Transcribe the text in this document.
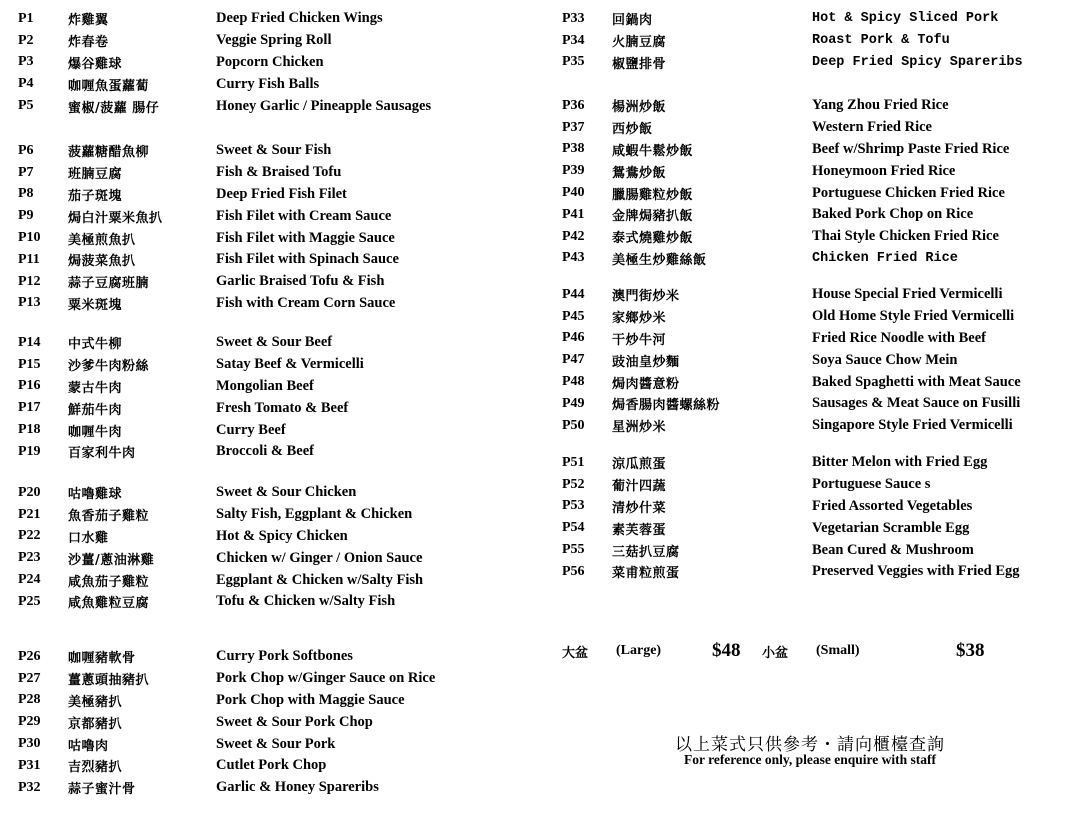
P1	炸雞翼	Deep Fried Chicken Wings
P2	炸春卷	Veggie Spring Roll
P3	爆谷雞球	Popcorn Chicken
P4	咖喱魚蛋蘿蔔	Curry Fish Balls
P5	蜜椒/菠蘿 腸仔	Honey Garlic / Pineapple Sausages
P6	菠蘿糖醋魚柳	Sweet & Sour Fish
P7	班腩豆腐	Fish & Braised Tofu
P8	茄子斑塊	Deep Fried Fish Filet
P9	焗白汁粟米魚扒	Fish Filet with Cream Sauce
P10	美極煎魚扒	Fish Filet with Maggie Sauce
P11	焗菠菜魚扒	Fish Filet with Spinach Sauce
P12	蒜子豆腐班腩	Garlic Braised Tofu & Fish
P13	粟米斑塊	Fish with Cream Corn Sauce
P14	中式牛柳	Sweet & Sour Beef
P15	沙爹牛肉粉絲	Satay Beef & Vermicelli
P16	蒙古牛肉	Mongolian Beef
P17	鮮茄牛肉	Fresh Tomato & Beef
P18	咖喱牛肉	Curry Beef
P19	百家利牛肉	Broccoli & Beef
P20	咕嚕雞球	Sweet & Sour Chicken
P21	魚香茄子雞粒	Salty Fish, Eggplant & Chicken
P22	口水雞	Hot & Spicy Chicken
P23	沙薑/蔥油淋雞	Chicken w/ Ginger / Onion Sauce
P24	咸魚茄子雞粒	Eggplant & Chicken w/Salty Fish
P25	咸魚雞粒豆腐	Tofu & Chicken w/Salty Fish
P26	咖喱豬軟骨	Curry Pork Softbones
P27	薑蔥頭抽豬扒	Pork Chop w/Ginger Sauce on Rice
P28	美極豬扒	Pork Chop with Maggie Sauce
P29	京都豬扒	Sweet & Sour Pork Chop
P30	咕嚕肉	Sweet & Sour Pork
P31	吉烈豬扒	Cutlet Pork Chop
P32	蒜子蜜汁骨	Garlic & Honey Spareribs
P33	回鍋肉	Hot & Spicy Sliced Pork
P34	火腩豆腐	Roast Pork & Tofu
P35	椒鹽排骨	Deep Fried Spicy Spareribs
P36	楊洲炒飯	Yang Zhou Fried Rice
P37	西炒飯	Western Fried Rice
P38	咸蝦牛鬆炒飯	Beef w/Shrimp Paste Fried Rice
P39	鴛鴦炒飯	Honeymoon Fried Rice
P40	臘腸雞粒炒飯	Portuguese Chicken Fried Rice
P41	金牌焗豬扒飯	Baked Pork Chop on Rice
P42	泰式燒雞炒飯	Thai Style Chicken Fried Rice
P43	美極生炒雞絲飯	Chicken Fried Rice
P44	澳門街炒米	House Special Fried Vermicelli
P45	家鄉炒米	Old Home Style Fried Vermicelli
P46	干炒牛河	Fried Rice Noodle with Beef
P47	豉油皇炒麵	Soya Sauce Chow Mein
P48	焗肉醬意粉	Baked Spaghetti with Meat Sauce
P49	焗香腸肉醬螺絲粉	Sausages & Meat Sauce on Fusilli
P50	星洲炒米	Singapore Style Fried Vermicelli
P51	涼瓜煎蛋	Bitter Melon with Fried Egg
P52	葡汁四蔬	Portuguese Sauce s
P53	清炒什菜	Fried Assorted Vegetables
P54	素芙蓉蛋	Vegetarian Scramble Egg
P55	三菇扒豆腐	Bean Cured & Mushroom
P56	菜甫粒煎蛋	Preserved Veggies with Fried Egg
大盆	(Large)	$48	小盆	(Small)	$38
以上菜式只供參考・請向櫃檯查詢
For reference only, please enquire with staff
